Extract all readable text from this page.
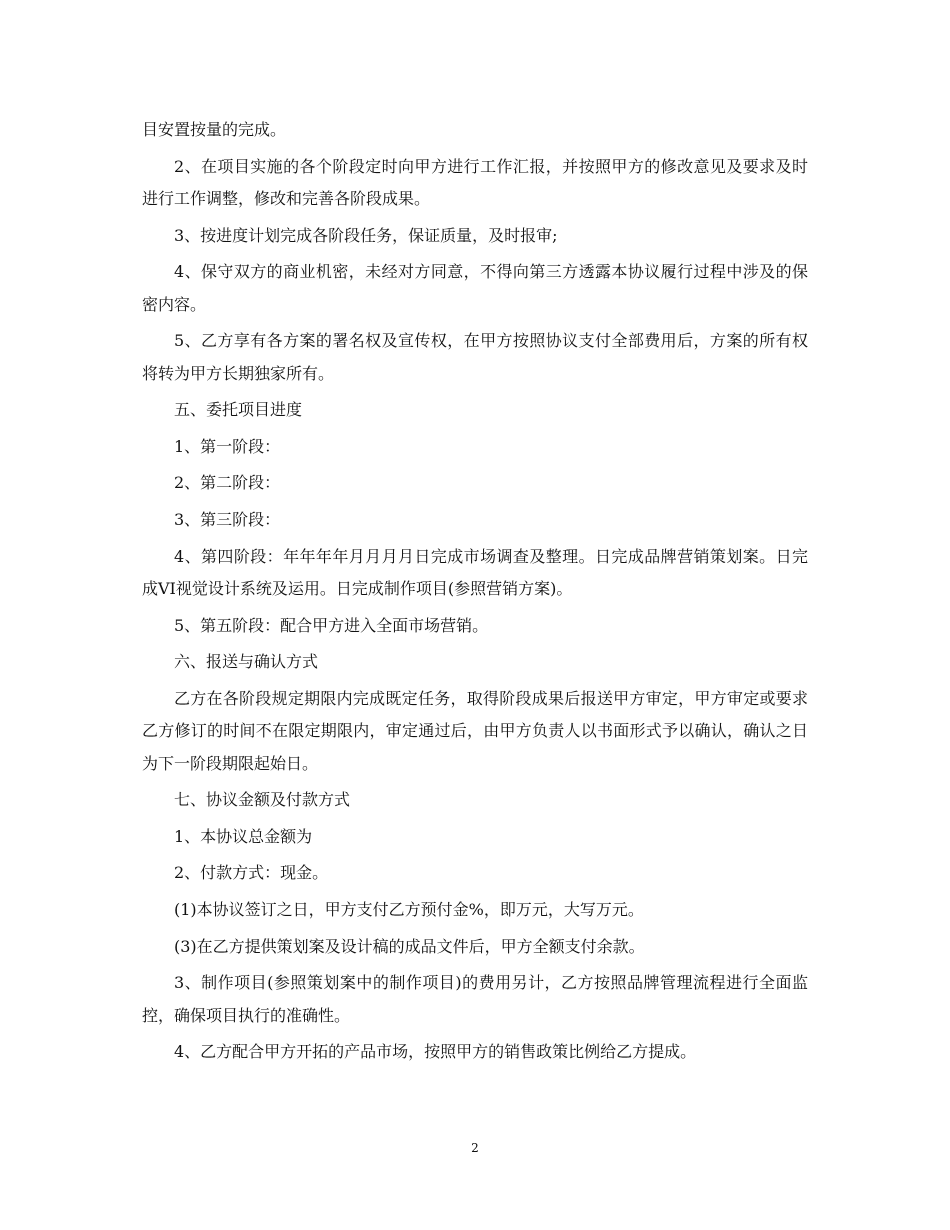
目安置按量的完成。

2、在项目实施的各个阶段定时向甲方进行工作汇报，并按照甲方的修改意见及要求及时进行工作调整，修改和完善各阶段成果。

3、按进度计划完成各阶段任务，保证质量，及时报审;

4、保守双方的商业机密，未经对方同意，不得向第三方透露本协议履行过程中涉及的保密内容。

5、乙方享有各方案的署名权及宣传权，在甲方按照协议支付全部费用后，方案的所有权将转为甲方长期独家所有。

五、委托项目进度

1、第一阶段：

2、第二阶段：

3、第三阶段：

4、第四阶段：年年年年月月月月日完成市场调查及整理。日完成品牌营销策划案。日完成VI视觉设计系统及运用。日完成制作项目(参照营销方案)。

5、第五阶段：配合甲方进入全面市场营销。

六、报送与确认方式

乙方在各阶段规定期限内完成既定任务，取得阶段成果后报送甲方审定，甲方审定或要求乙方修订的时间不在限定期限内，审定通过后，由甲方负责人以书面形式予以确认，确认之日为下一阶段期限起始日。

七、协议金额及付款方式

1、本协议总金额为

2、付款方式：现金。

(1)本协议签订之日，甲方支付乙方预付金%，即万元，大写万元。

(3)在乙方提供策划案及设计稿的成品文件后，甲方全额支付余款。

3、制作项目(参照策划案中的制作项目)的费用另计，乙方按照品牌管理流程进行全面监控，确保项目执行的准确性。

4、乙方配合甲方开拓的产品市场，按照甲方的销售政策比例给乙方提成。

2
